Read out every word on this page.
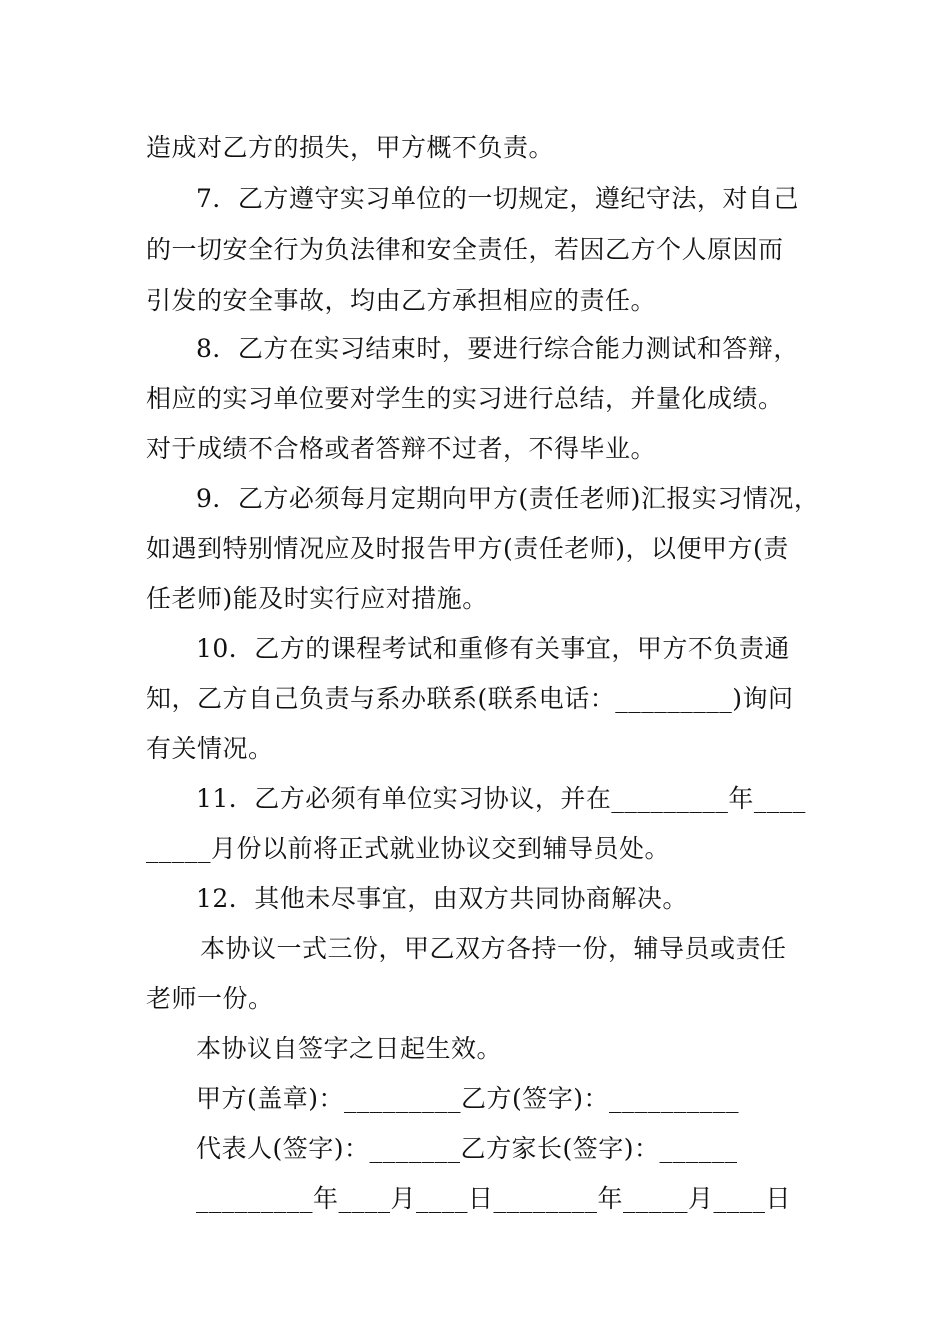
造成对乙方的损失，甲方概不负责。
7．乙方遵守实习单位的一切规定，遵纪守法，对自己
的一切安全行为负法律和安全责任，若因乙方个人原因而
引发的安全事故，均由乙方承担相应的责任。
8．乙方在实习结束时，要进行综合能力测试和答辩，
相应的实习单位要对学生的实习进行总结，并量化成绩。
对于成绩不合格或者答辩不过者，不得毕业。
9．乙方必须每月定期向甲方(责任老师)汇报实习情况，
如遇到特别情况应及时报告甲方(责任老师)，以便甲方(责
任老师)能及时实行应对措施。
10．乙方的课程考试和重修有关事宜，甲方不负责通
知，乙方自己负责与系办联系(联系电话：_________)询问
有关情况。
11．乙方必须有单位实习协议，并在_________年____
_____月份以前将正式就业协议交到辅导员处。
12．其他未尽事宜，由双方共同协商解决。
本协议一式三份，甲乙双方各持一份，辅导员或责任
老师一份。
本协议自签字之日起生效。
甲方(盖章)：_________乙方(签字)：__________
代表人(签字)：_______乙方家长(签字)：______
_________年____月____日________年_____月____日
